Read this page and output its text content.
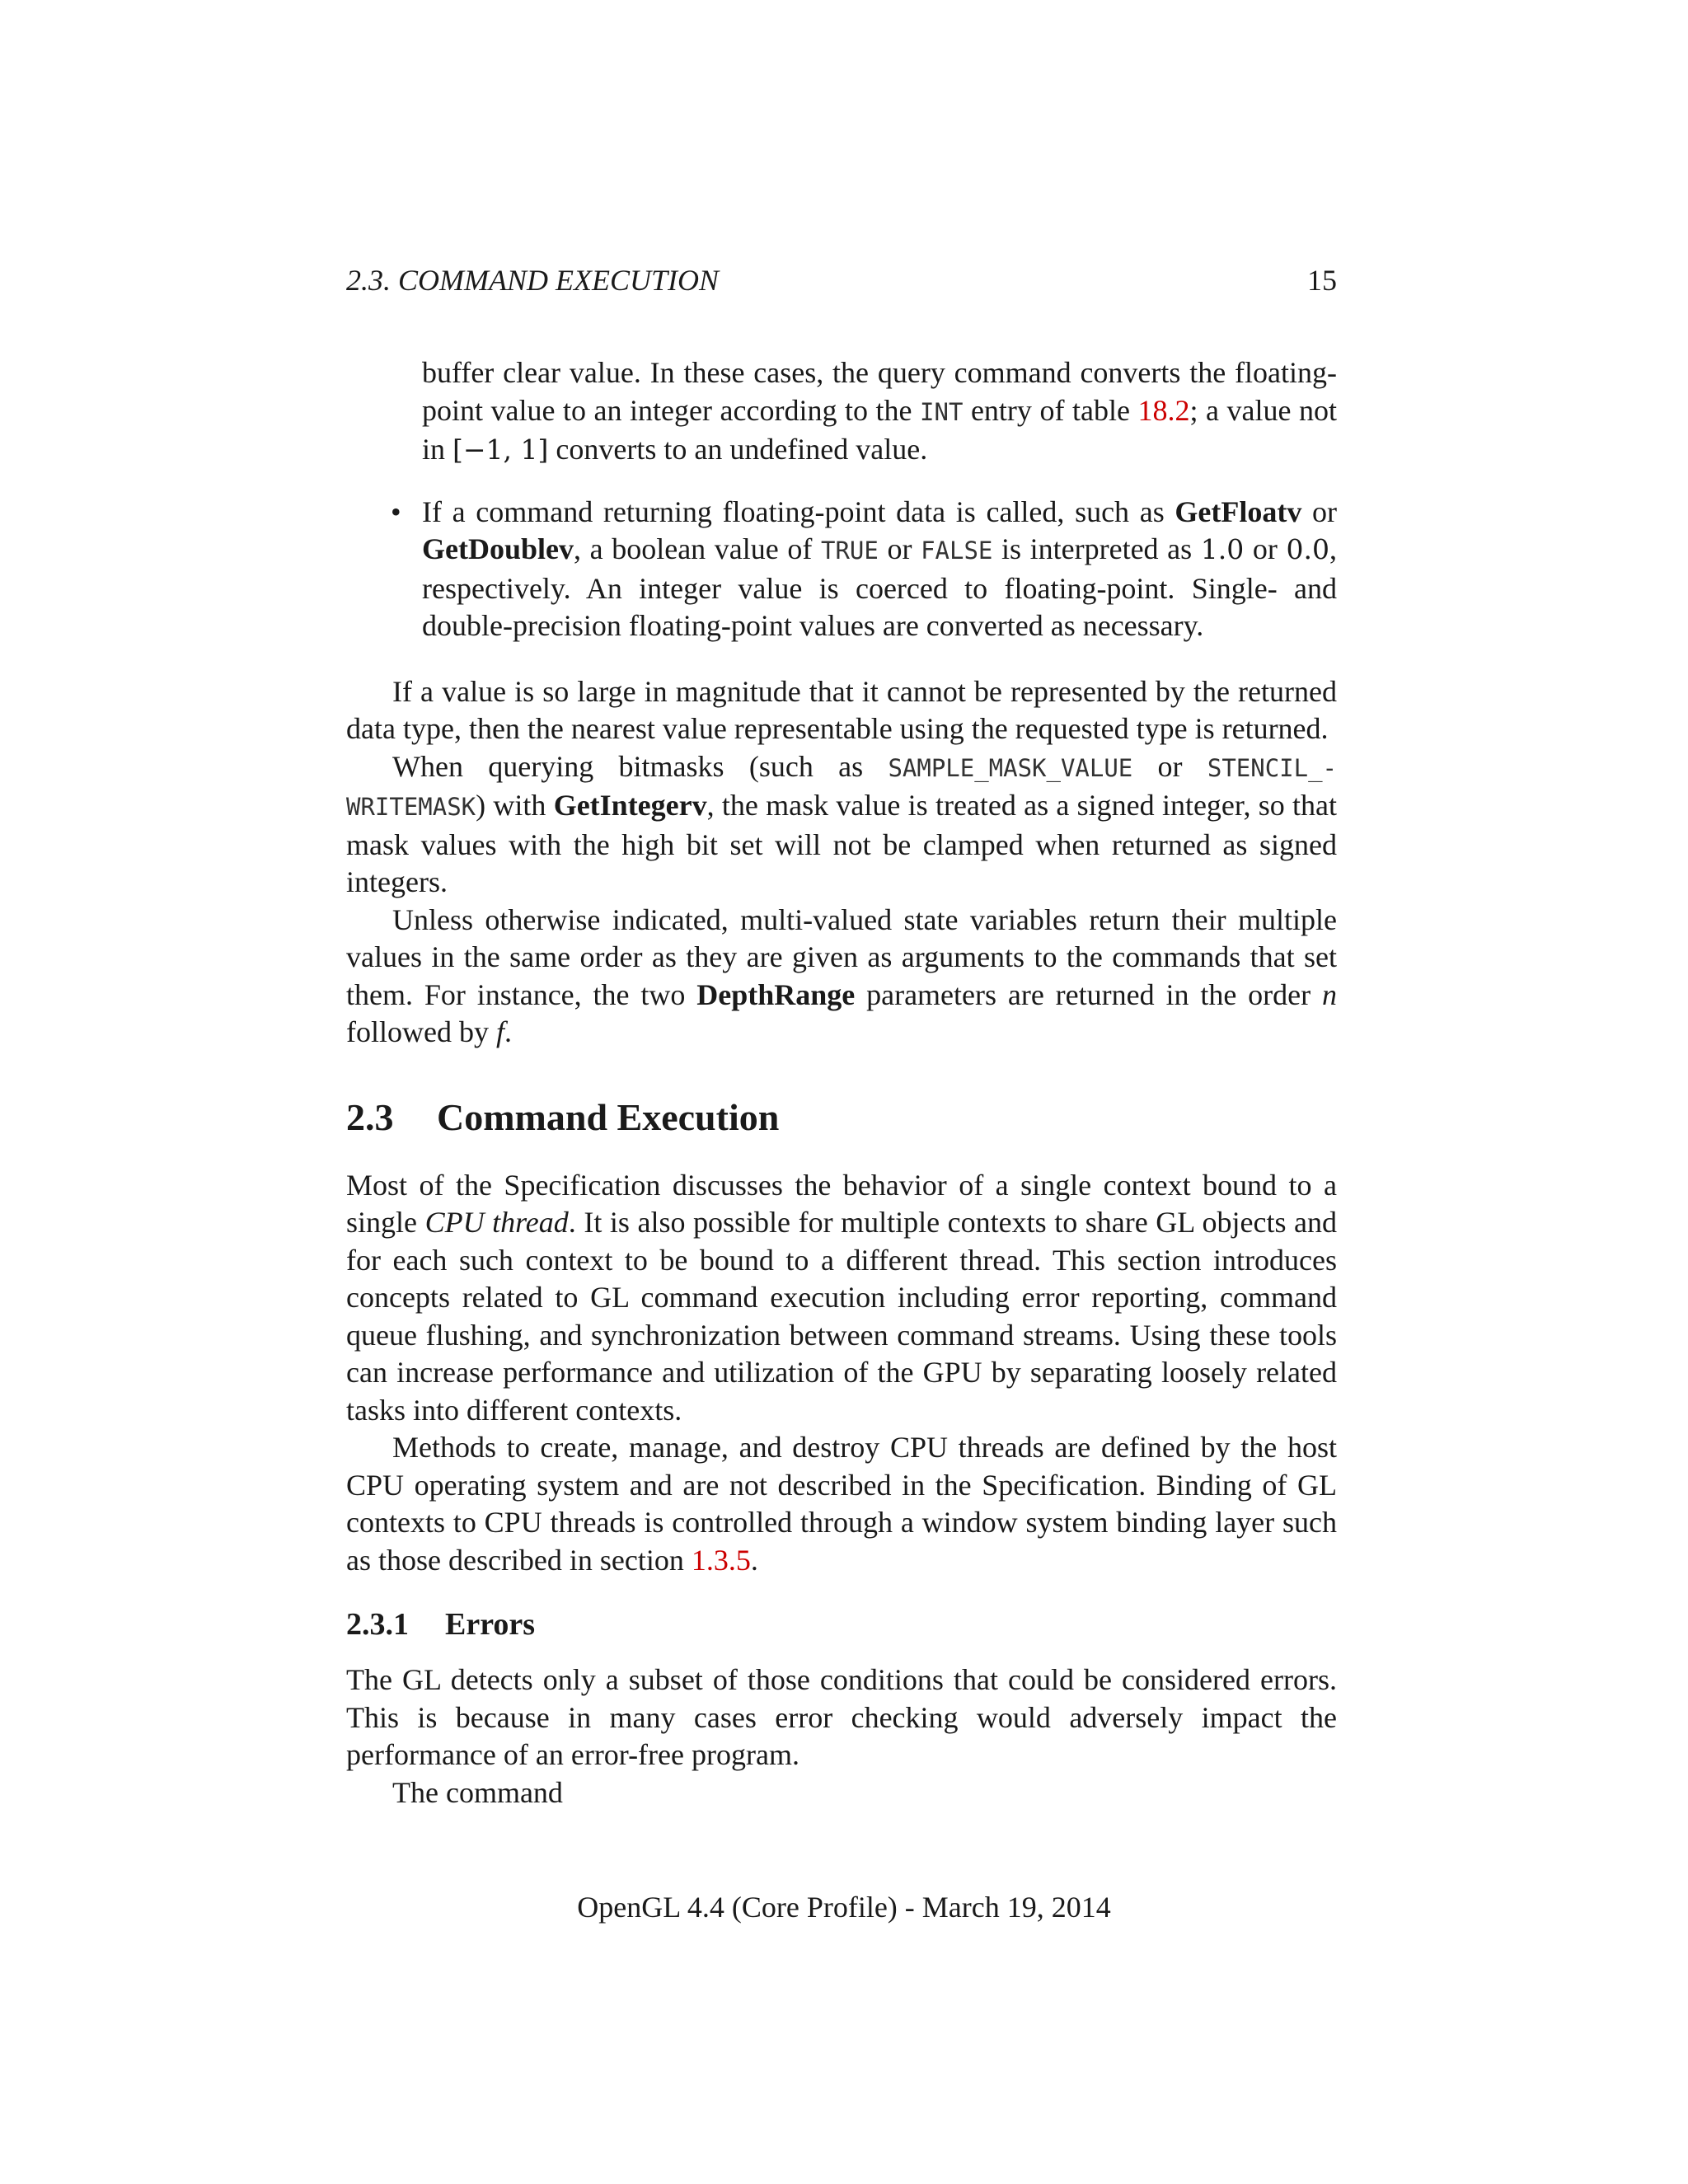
2.3. COMMAND EXECUTION	15

buffer clear value. In these cases, the query command converts the floating-point value to an integer according to the INT entry of table 18.2; a value not in [−1, 1] converts to an undefined value.

• If a command returning floating-point data is called, such as GetFloatv or GetDoublev, a boolean value of TRUE or FALSE is interpreted as 1.0 or 0.0, respectively. An integer value is coerced to floating-point. Single- and double-precision floating-point values are converted as necessary.

If a value is so large in magnitude that it cannot be represented by the returned data type, then the nearest value representable using the requested type is returned.

When querying bitmasks (such as SAMPLE_MASK_VALUE or STENCIL_-WRITEMASK) with GetIntegerv, the mask value is treated as a signed integer, so that mask values with the high bit set will not be clamped when returned as signed integers.

Unless otherwise indicated, multi-valued state variables return their multiple values in the same order as they are given as arguments to the commands that set them. For instance, the two DepthRange parameters are returned in the order n followed by f.

2.3 Command Execution

Most of the Specification discusses the behavior of a single context bound to a single CPU thread. It is also possible for multiple contexts to share GL objects and for each such context to be bound to a different thread. This section introduces concepts related to GL command execution including error reporting, command queue flushing, and synchronization between command streams. Using these tools can increase performance and utilization of the GPU by separating loosely related tasks into different contexts.

Methods to create, manage, and destroy CPU threads are defined by the host CPU operating system and are not described in the Specification. Binding of GL contexts to CPU threads is controlled through a window system binding layer such as those described in section 1.3.5.

2.3.1 Errors

The GL detects only a subset of those conditions that could be considered errors. This is because in many cases error checking would adversely impact the performance of an error-free program.

The command

OpenGL 4.4 (Core Profile) - March 19, 2014
